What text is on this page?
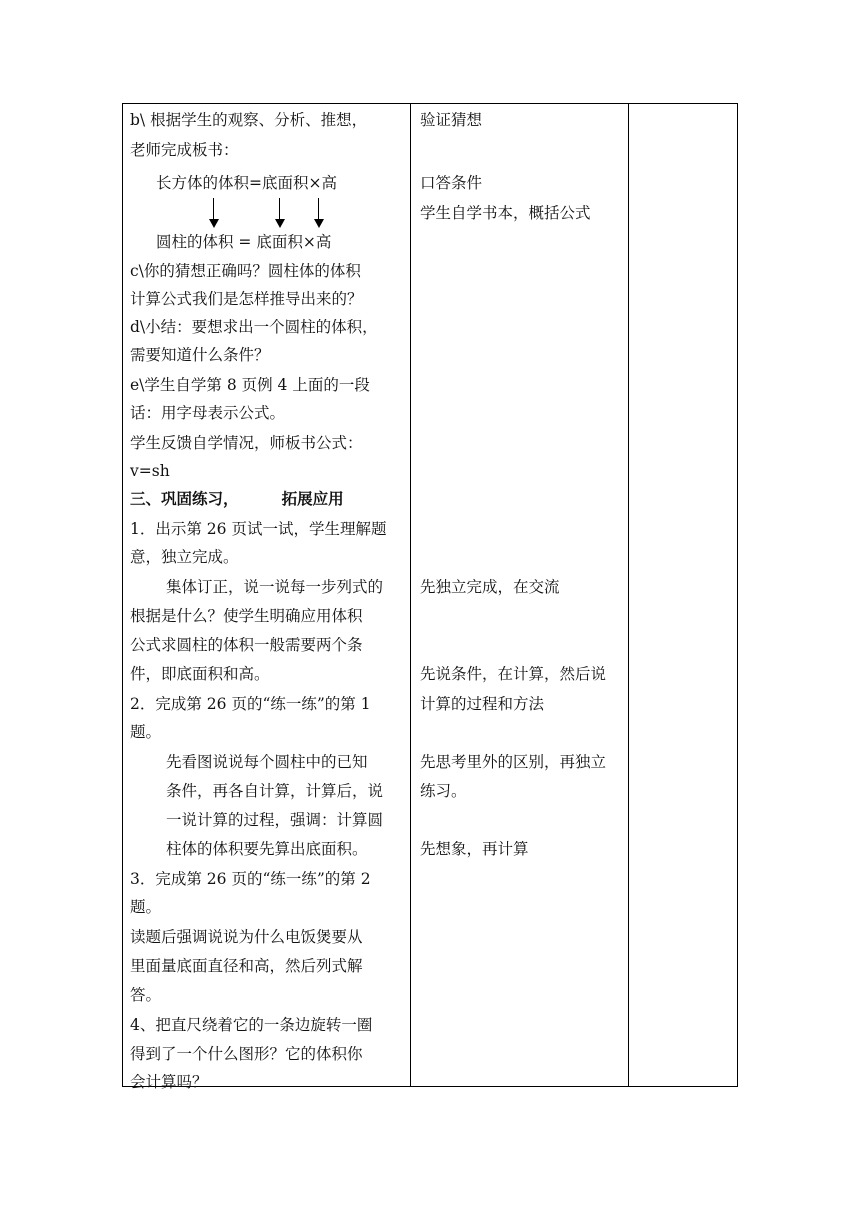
b\ 根据学生的观察、分析、推想，
老师完成板书：
长方体的体积=底面积×高
圆柱的体积 = 底面积×高
c\你的猜想正确吗？圆柱体的体积
计算公式我们是怎样推导出来的？
d\小结：要想求出一个圆柱的体积，
需要知道什么条件？
e\学生自学第 8 页例 4 上面的一段
话：用字母表示公式。
学生反馈自学情况，师板书公式：
v=sh
三、巩固练习，        拓展应用
1．出示第 26 页试一试，学生理解题
意，独立完成。
集体订正，说一说每一步列式的
根据是什么？使学生明确应用体积
公式求圆柱的体积一般需要两个条
件，即底面积和高。
2．完成第 26 页的“练一练”的第 1
题。
先看图说说每个圆柱中的已知
条件，再各自计算，计算后，说
一说计算的过程，强调：计算圆
柱体的体积要先算出底面积。
3．完成第 26 页的“练一练”的第 2
题。
读题后强调说说为什么电饭煲要从
里面量底面直径和高，然后列式解
答。
4、把直尺绕着它的一条边旋转一圈
得到了一个什么图形？它的体积你
会计算吗？
验证猜想
口答条件
学生自学书本，概括公式
先独立完成，在交流
先说条件，在计算，然后说
计算的过程和方法
先思考里外的区别，再独立
练习。
先想象，再计算
